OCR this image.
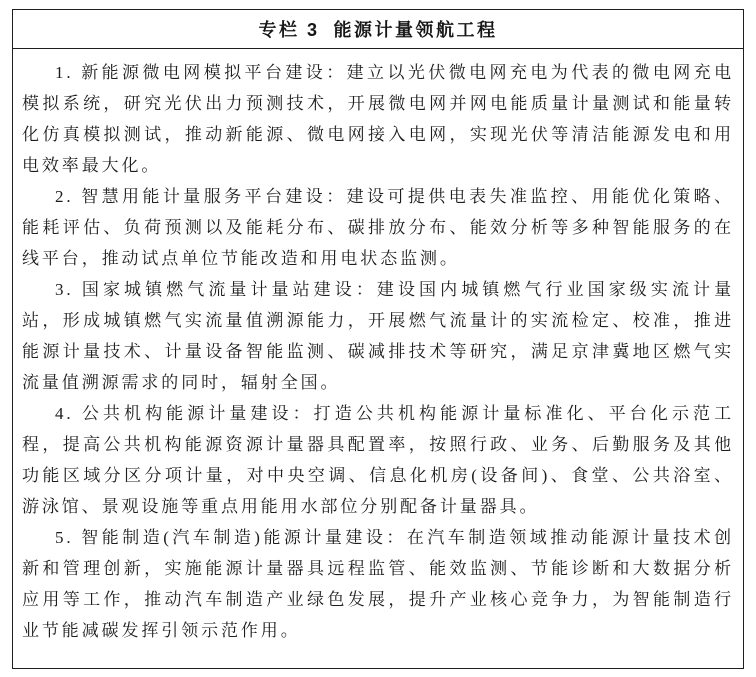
专栏 3 能源计量领航工程

1. 新能源微电网模拟平台建设：建立以光伏微电网充电为代表的微电网充电模拟系统，研究光伏出力预测技术，开展微电网并网电能质量计量测试和能量转化仿真模拟测试，推动新能源、微电网接入电网，实现光伏等清洁能源发电和用电效率最大化。

2. 智慧用能计量服务平台建设：建设可提供电表失准监控、用能优化策略、能耗评估、负荷预测以及能耗分布、碳排放分布、能效分析等多种智能服务的在线平台，推动试点单位节能改造和用电状态监测。

3. 国家城镇燃气流量计量站建设：建设国内城镇燃气行业国家级实流计量站，形成城镇燃气实流量值溯源能力，开展燃气流量计的实流检定、校准，推进能源计量技术、计量设备智能监测、碳减排技术等研究，满足京津冀地区燃气实流量值溯源需求的同时，辐射全国。

4. 公共机构能源计量建设：打造公共机构能源计量标准化、平台化示范工程，提高公共机构能源资源计量器具配置率，按照行政、业务、后勤服务及其他功能区域分区分项计量，对中央空调、信息化机房(设备间)、食堂、公共浴室、游泳馆、景观设施等重点用能用水部位分别配备计量器具。

5. 智能制造(汽车制造)能源计量建设：在汽车制造领域推动能源计量技术创新和管理创新，实施能源计量器具远程监管、能效监测、节能诊断和大数据分析应用等工作，推动汽车制造产业绿色发展，提升产业核心竞争力，为智能制造行业节能减碳发挥引领示范作用。
